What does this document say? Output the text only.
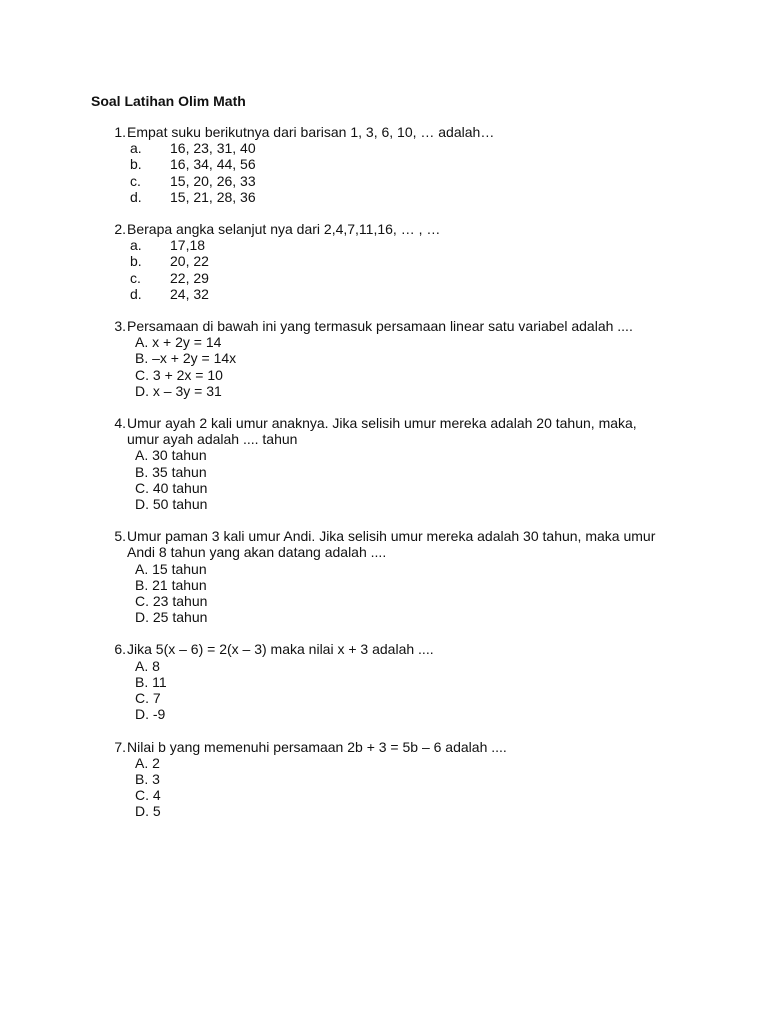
Soal Latihan Olim Math
1. Empat suku berikutnya dari barisan 1, 3, 6, 10, … adalah…
a.	16, 23, 31, 40
b.	16, 34, 44, 56
c.	15, 20, 26, 33
d.	15, 21, 28, 36
2. Berapa angka selanjut nya dari 2,4,7,11,16, … , …
a.	17,18
b.	20, 22
c.	22, 29
d.	24, 32
3. Persamaan di bawah ini yang termasuk persamaan linear satu variabel adalah ....
A. x + 2y = 14
B. –x + 2y = 14x
C. 3 + 2x = 10
D. x – 3y = 31
4. Umur ayah 2 kali umur anaknya. Jika selisih umur mereka adalah 20 tahun, maka, umur ayah adalah .... tahun
A. 30 tahun
B. 35 tahun
C. 40 tahun
D. 50 tahun
5. Umur paman 3 kali umur Andi. Jika selisih umur mereka adalah 30 tahun, maka umur Andi 8 tahun yang akan datang adalah ....
A. 15 tahun
B. 21 tahun
C. 23 tahun
D. 25 tahun
6. Jika 5(x – 6) = 2(x – 3) maka nilai x + 3 adalah ....
A. 8
B. 11
C. 7
D. -9
7. Nilai b yang memenuhi persamaan 2b + 3 = 5b – 6 adalah ....
A. 2
B. 3
C. 4
D. 5
